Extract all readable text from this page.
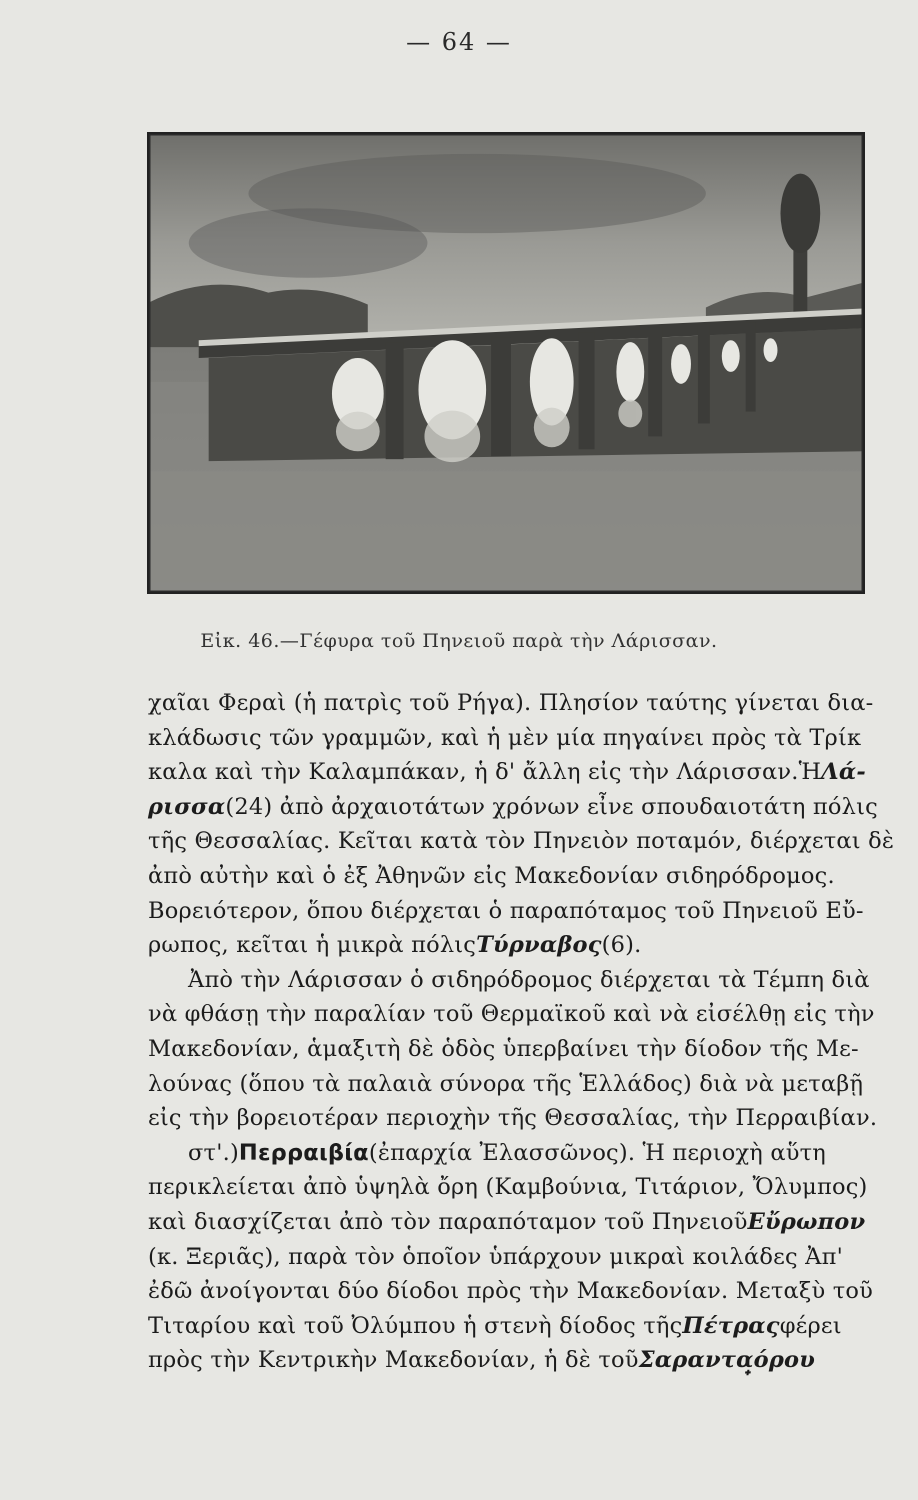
— 64 —
Εἰκ. 46.—Γέφυρα τοῦ Πηνειοῦ παρὰ τὴν Λάρισσαν.
χαῖαι Φεραὶ (ἡ πατρὶς τοῦ Ρήγα). Πλησίον ταύτης γίνεται δια-
κλάδωσις τῶν γραμμῶν, καὶ ἡ μὲν μία πηγαίνει πρὸς τὰ Τρίκ
καλα καὶ τὴν Καλαμπάκαν, ἡ δ' ἄλλη εἰς τὴν Λάρισσαν.ἩΛά-
ρισσα(24) ἀπὸ ἀρχαιοτάτων χρόνων εἶνε σπουδαιοτάτη πόλις
τῆς Θεσσαλίας. Κεῖται κατὰ τὸν Πηνειὸν ποταμόν, διέρχεται δὲ
ἀπὸ αὐτὴν καὶ ὁ ἐξ Ἀθηνῶν εἰς Μακεδονίαν σιδηρόδρομος.
Βορειότερον, ὅπου διέρχεται ὁ παραπόταμος τοῦ Πηνειοῦ Εὔ-
ρωπος, κεῖται ἡ μικρὰ πόλιςΤύρναβος(6).
Ἀπὸ τὴν Λάρισσαν ὁ σιδηρόδρομος διέρχεται τὰ Τέμπη διὰ
νὰ φθάσῃ τὴν παραλίαν τοῦ Θερμαϊκοῦ καὶ νὰ εἰσέλθῃ εἰς τὴν
Μακεδονίαν, ἁμαξιτὴ δὲ ὁδὸς ὑπερβαίνει τὴν δίοδον τῆς Με-
λούνας (ὅπου τὰ παλαιὰ σύνορα τῆς Ἑλλάδος) διὰ νὰ μεταβῇ
εἰς τὴν βορειοτέραν περιοχὴν τῆς Θεσσαλίας, τὴν Περραιβίαν.
στ'.)Περραιβία(ἐπαρχία Ἐλασσῶνος). Ἡ περιοχὴ αὕτη
περικλείεται ἀπὸ ὑψηλὰ ὄρη (Καμβούνια, Τιτάριον, Ὄλυμπος)
καὶ διασχίζεται ἀπὸ τὸν παραπόταμον τοῦ ΠηνειοῦΕὔρωπον
(κ. Ξεριᾶς), παρὰ τὸν ὁποῖον ὑπάρχουν μικραὶ κοιλάδες Ἀπ'
ἐδῶ ἀνοίγονται δύο δίοδοι πρὸς τὴν Μακεδονίαν. Μεταξὺ τοῦ
Τιταρίου καὶ τοῦ Ὀλύμπου ἡ στενὴ δίοδος τῆςΠέτραςφέρει
πρὸς τὴν Κεντρικὴν Μακεδονίαν, ἡ δὲ τοῦΣαραντα̟όρου
